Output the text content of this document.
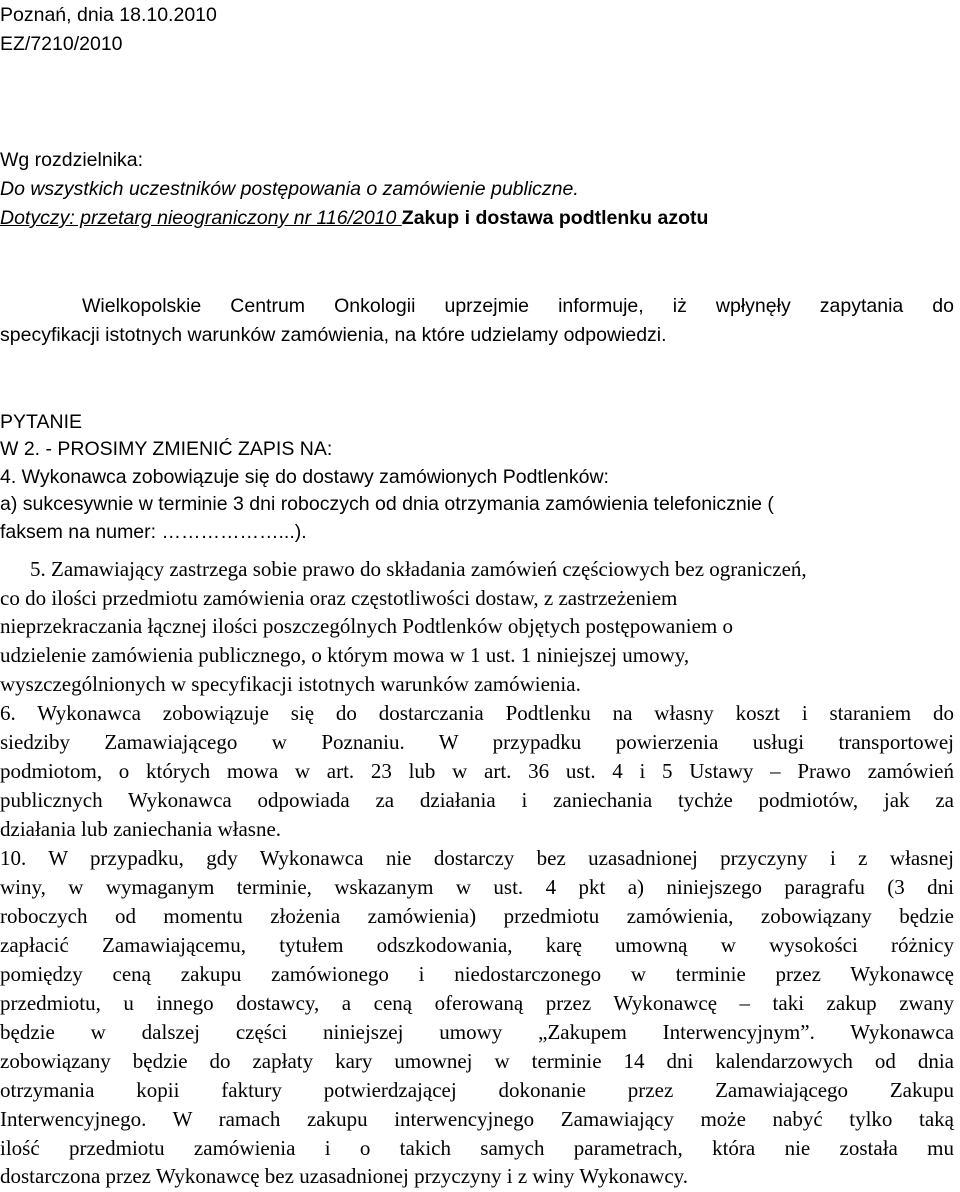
Poznań, dnia 18.10.2010
EZ/7210/2010
Wg rozdzielnika:
Do wszystkich uczestników postępowania o zamówienie publiczne.
Dotyczy: przetarg nieograniczony nr 116/2010 Zakup i dostawa podtlenku azotu
Wielkopolskie Centrum Onkologii uprzejmie informuje, iż wpłynęły zapytania do
specyfikacji istotnych warunków zamówienia, na które udzielamy odpowiedzi.
PYTANIE
W 2. - PROSIMY ZMIENIĆ ZAPIS NA:
4. Wykonawca zobowiązuje się do dostawy zamówionych Podtlenków:
a) sukcesywnie w terminie 3 dni roboczych od dnia otrzymania zamówienia telefonicznie (
faksem na numer: ………………...).
5. Zamawiający zastrzega sobie prawo do składania zamówień częściowych bez ograniczeń,
co do ilości przedmiotu zamówienia oraz częstotliwości dostaw, z zastrzeżeniem
nieprzekraczania łącznej ilości poszczególnych Podtlenków objętych postępowaniem o
udzielenie zamówienia publicznego, o którym mowa w 1 ust. 1 niniejszej umowy,
wyszczególnionych w specyfikacji istotnych warunków zamówienia.
6. Wykonawca zobowiązuje się do dostarczania Podtlenku na własny koszt i staraniem do
siedziby Zamawiającego w Poznaniu. W przypadku powierzenia usługi transportowej
podmiotom, o których mowa w art. 23 lub w art. 36 ust. 4 i 5 Ustawy – Prawo zamówień
publicznych Wykonawca odpowiada za działania i zaniechania tychże podmiotów, jak za
działania lub zaniechania własne.
10. W przypadku, gdy Wykonawca nie dostarczy bez uzasadnionej przyczyny i z własnej
winy, w wymaganym terminie, wskazanym w ust. 4 pkt a) niniejszego paragrafu (3 dni
roboczych od momentu złożenia zamówienia) przedmiotu zamówienia, zobowiązany będzie
zapłacić Zamawiającemu, tytułem odszkodowania, karę umowną w wysokości różnicy
pomiędzy ceną zakupu zamówionego i niedostarczonego w terminie przez Wykonawcę
przedmiotu, u innego dostawcy, a ceną oferowaną przez Wykonawcę – taki zakup zwany
będzie w dalszej części niniejszej umowy „Zakupem Interwencyjnym”. Wykonawca
zobowiązany będzie do zapłaty kary umownej w terminie 14 dni kalendarzowych od dnia
otrzymania kopii faktury potwierdzającej dokonanie przez Zamawiającego Zakupu
Interwencyjnego. W ramach zakupu interwencyjnego Zamawiający może nabyć tylko taką
ilość przedmiotu zamówienia i o takich samych parametrach, która nie została mu
dostarczona przez Wykonawcę bez uzasadnionej przyczyny i z winy Wykonawcy.
